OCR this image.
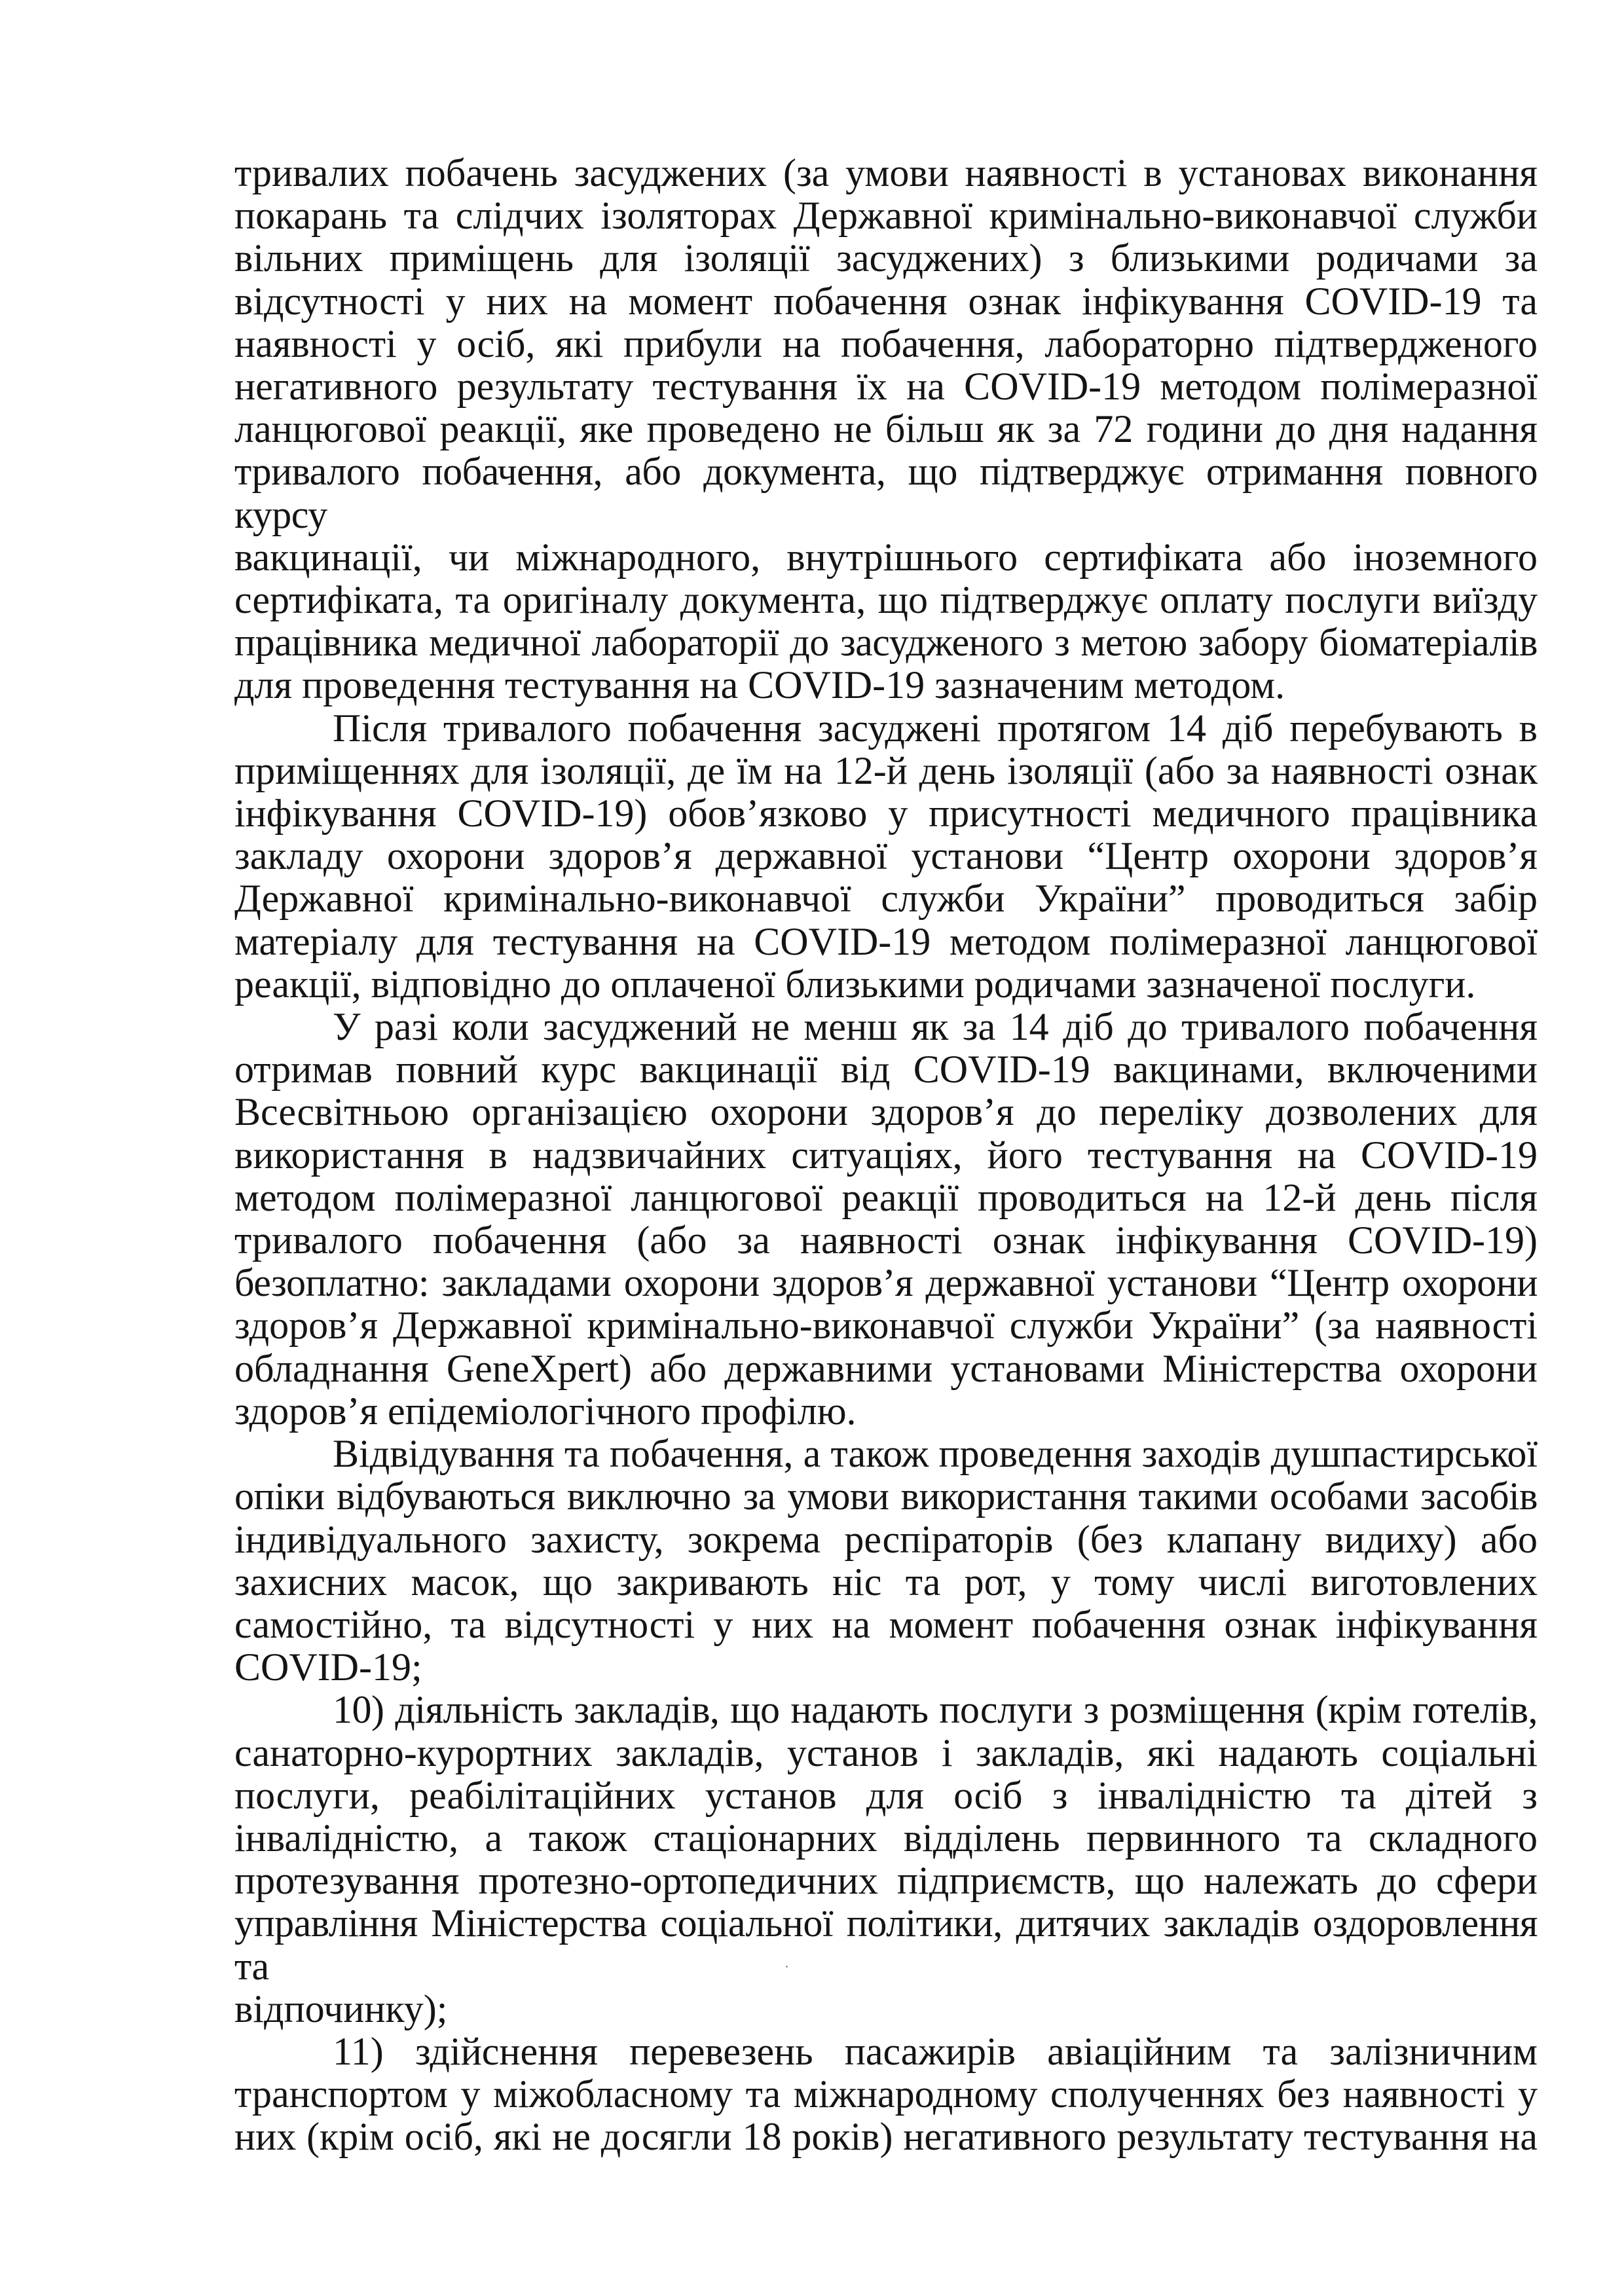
тривалих побачень засуджених (за умови наявності в установах виконання
покарань та слідчих ізоляторах Державної кримінально-виконавчої служби
вільних приміщень для ізоляції засуджених) з близькими родичами за
відсутності у них на момент побачення ознак інфікування COVID-19 та
наявності у осіб, які прибули на побачення, лабораторно підтвердженого
негативного результату тестування їх на COVID-19 методом полімеразної
ланцюгової реакції, яке проведено не більш як за 72 години до дня надання
тривалого побачення, або документа, що підтверджує отримання повного курсу
вакцинації, чи міжнародного, внутрішнього сертифіката або іноземного
сертифіката, та оригіналу документа, що підтверджує оплату послуги виїзду
працівника медичної лабораторії до засудженого з метою забору біоматеріалів
для проведення тестування на COVID-19 зазначеним методом.
Після тривалого побачення засуджені протягом 14 діб перебувають в
приміщеннях для ізоляції, де їм на 12-й день ізоляції (або за наявності ознак
інфікування COVID-19) обов’язково у присутності медичного працівника
закладу охорони здоров’я державної установи “Центр охорони здоров’я
Державної кримінально-виконавчої служби України” проводиться забір
матеріалу для тестування на COVID-19 методом полімеразної ланцюгової
реакції, відповідно до оплаченої близькими родичами зазначеної послуги.
У разі коли засуджений не менш як за 14 діб до тривалого побачення
отримав повний курс вакцинації від COVID-19 вакцинами, включеними
Всесвітньою організацією охорони здоров’я до переліку дозволених для
використання в надзвичайних ситуаціях, його тестування на COVID-19
методом полімеразної ланцюгової реакції проводиться на 12-й день після
тривалого побачення (або за наявності ознак інфікування COVID-19)
безоплатно: закладами охорони здоров’я державної установи “Центр охорони
здоров’я Державної кримінально-виконавчої служби України” (за наявності
обладнання GeneXpert) або державними установами Міністерства охорони
здоров’я епідеміологічного профілю.
Відвідування та побачення, а також проведення заходів душпастирської
опіки відбуваються виключно за умови використання такими особами засобів
індивідуального захисту, зокрема респіраторів (без клапану видиху) або
захисних масок, що закривають ніс та рот, у тому числі виготовлених
самостійно, та відсутності у них на момент побачення ознак інфікування
COVID-19;
10) діяльність закладів, що надають послуги з розміщення (крім готелів,
санаторно-курортних закладів, установ і закладів, які надають соціальні
послуги, реабілітаційних установ для осіб з інвалідністю та дітей з
інвалідністю, а також стаціонарних відділень первинного та складного
протезування протезно-ортопедичних підприємств, що належать до сфери
управління Міністерства соціальної політики, дитячих закладів оздоровлення та
відпочинку);
11) здійснення перевезень пасажирів авіаційним та залізничним
транспортом у міжобласному та міжнародному сполученнях без наявності у
них (крім осіб, які не досягли 18 років) негативного результату тестування на
